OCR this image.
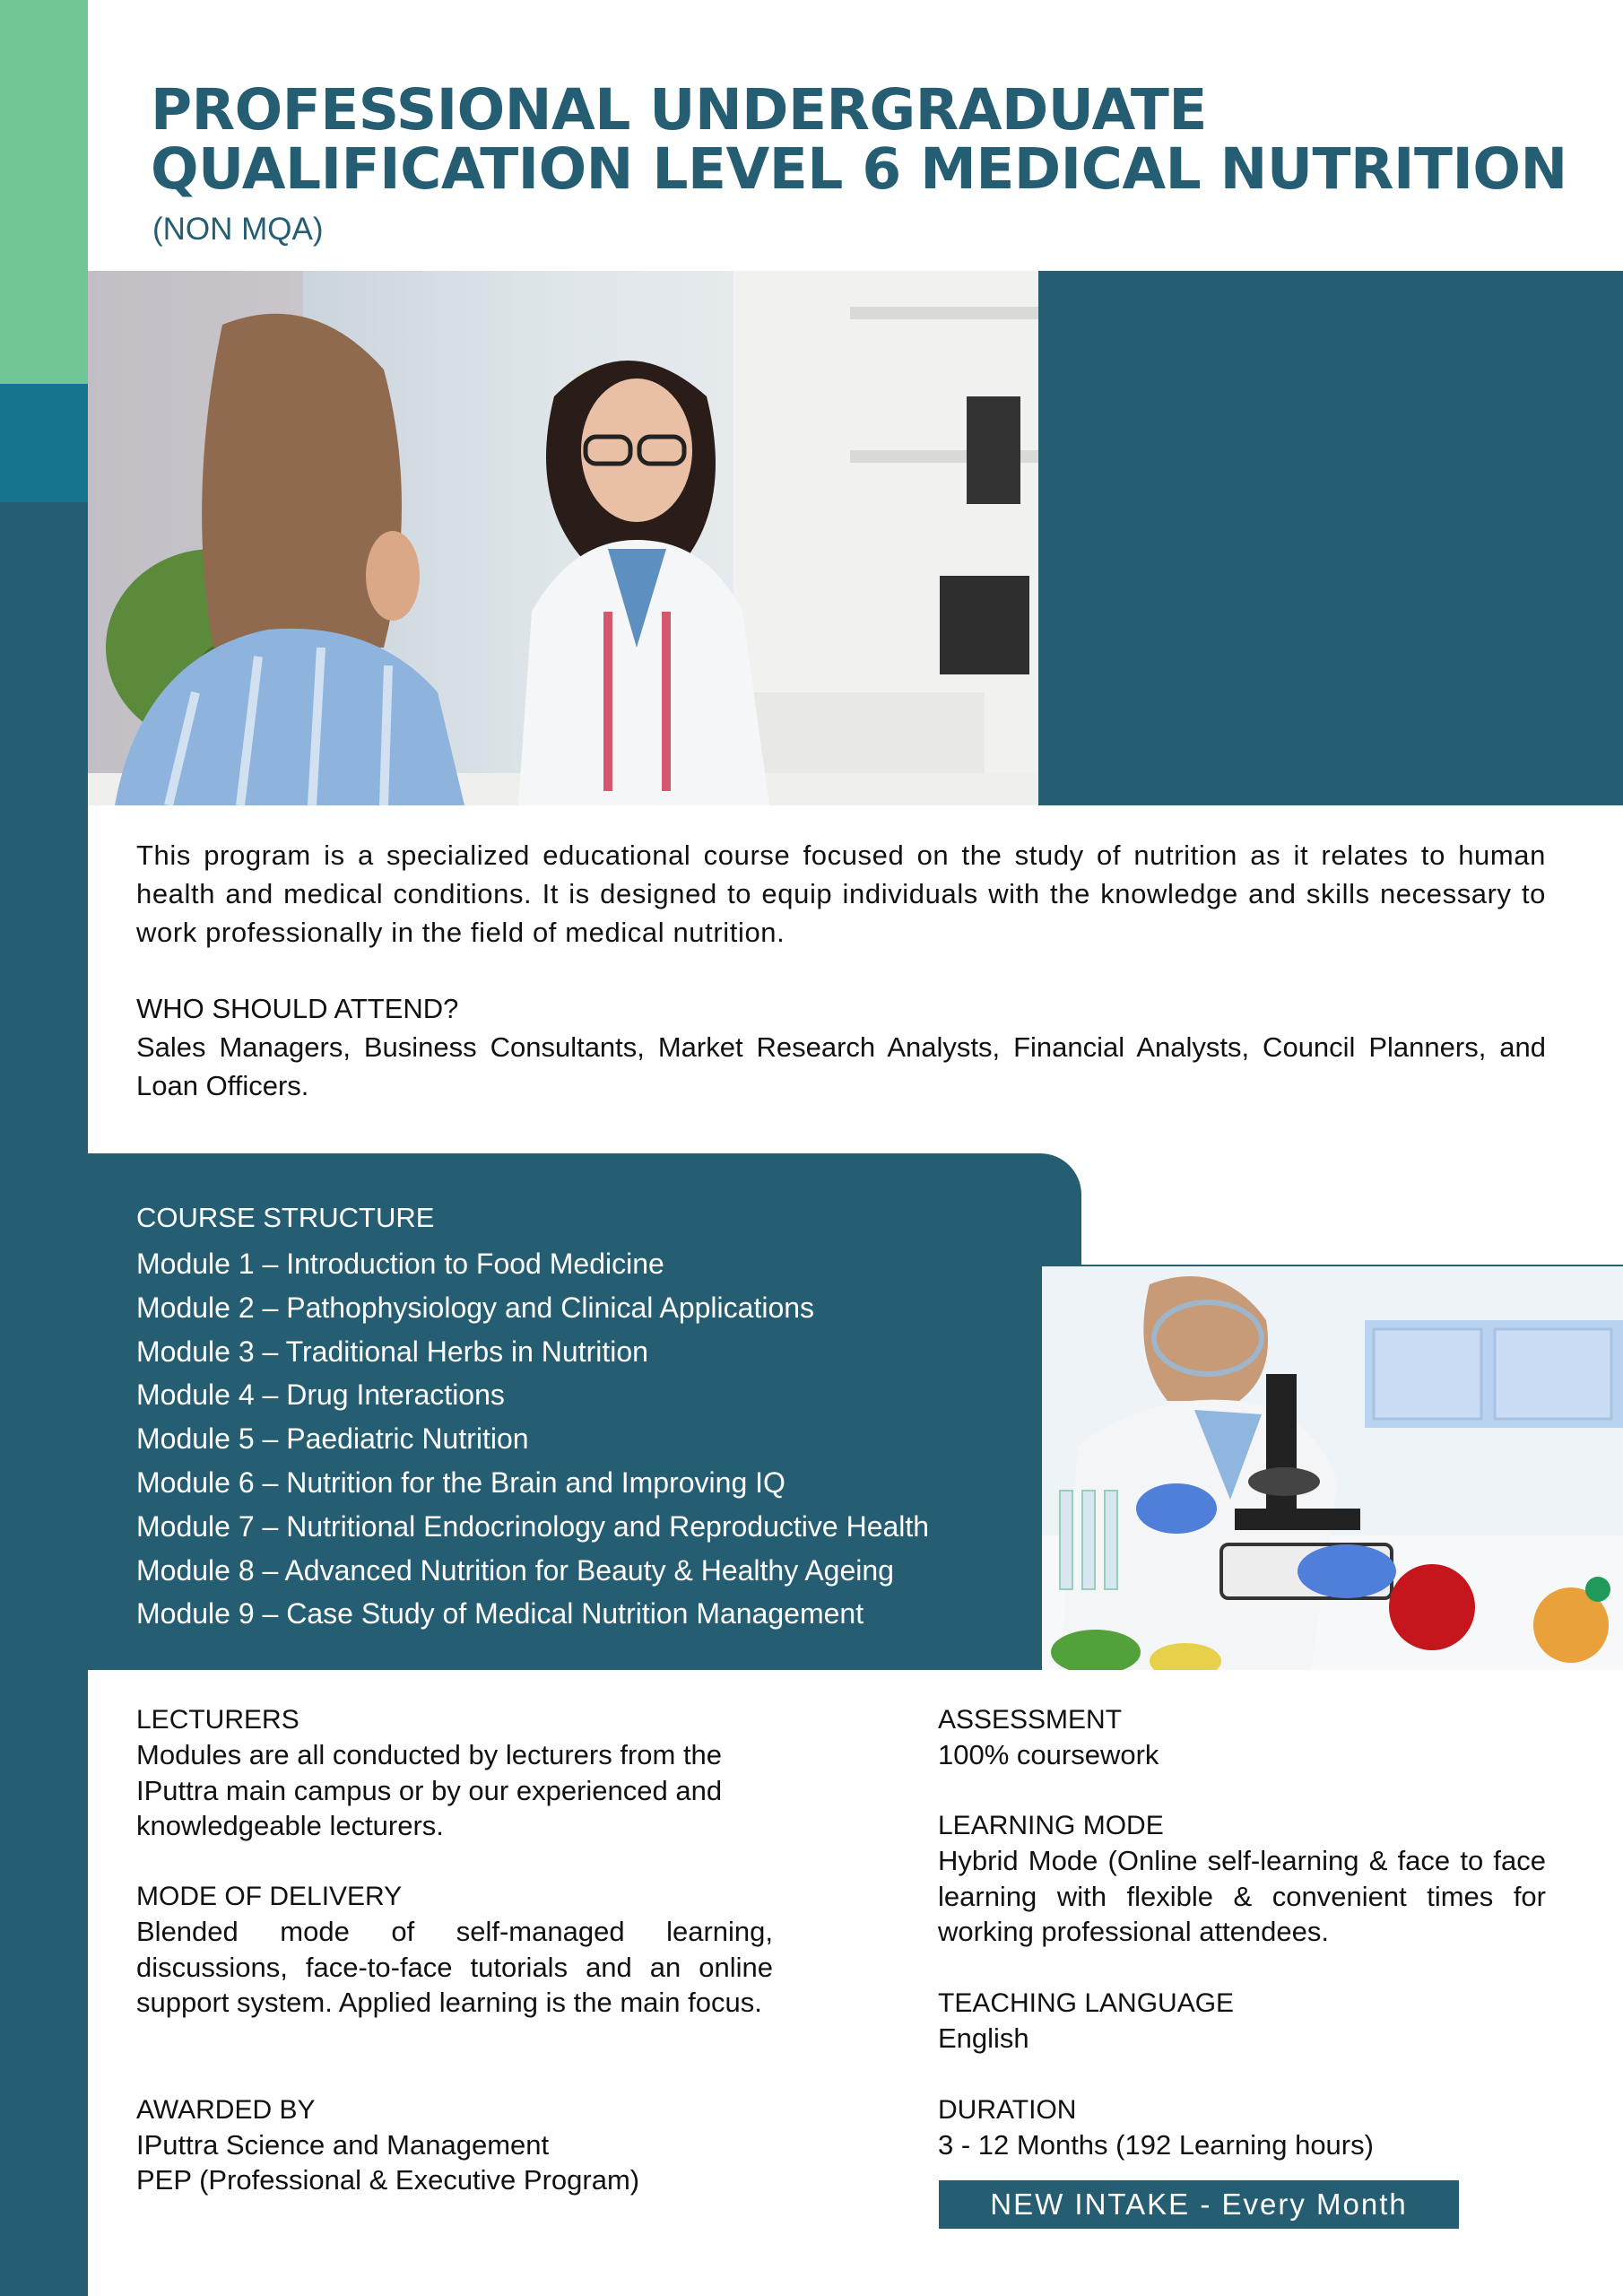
PROFESSIONAL UNDERGRADUATE QUALIFICATION LEVEL 6 MEDICAL NUTRITION
(NON MQA)
This program is a specialized educational course focused on the study of nutrition as it relates to human health and medical conditions. It is designed to equip individuals with the knowledge and skills necessary to work professionally in the field of medical nutrition.
WHO SHOULD ATTEND?
Sales Managers, Business Consultants, Market Research Analysts, Financial Analysts, Council Planners, and Loan Officers.
COURSE STRUCTURE
Module 1 – Introduction to Food Medicine
Module 2 – Pathophysiology and Clinical Applications
Module 3 – Traditional Herbs in Nutrition
Module 4 – Drug Interactions
Module 5 – Paediatric Nutrition
Module 6 – Nutrition for the Brain and Improving IQ
Module 7 – Nutritional Endocrinology and Reproductive Health
Module 8 – Advanced Nutrition for Beauty & Healthy Ageing
Module 9 – Case Study of Medical Nutrition Management
LECTURERS
Modules are all conducted by lecturers from the IPuttra main campus or by our experienced and knowledgeable lecturers.
MODE OF DELIVERY
Blended mode of self-managed learning, discussions, face-to-face tutorials and an online support system. Applied learning is the main focus.
AWARDED BY
IPuttra Science and Management
PEP (Professional & Executive Program)
ASSESSMENT
100% coursework
LEARNING MODE
Hybrid Mode (Online self-learning & face to face learning with flexible & convenient times for working professional attendees.
TEACHING LANGUAGE
English
DURATION
3 - 12 Months (192 Learning hours)
NEW INTAKE - Every Month
